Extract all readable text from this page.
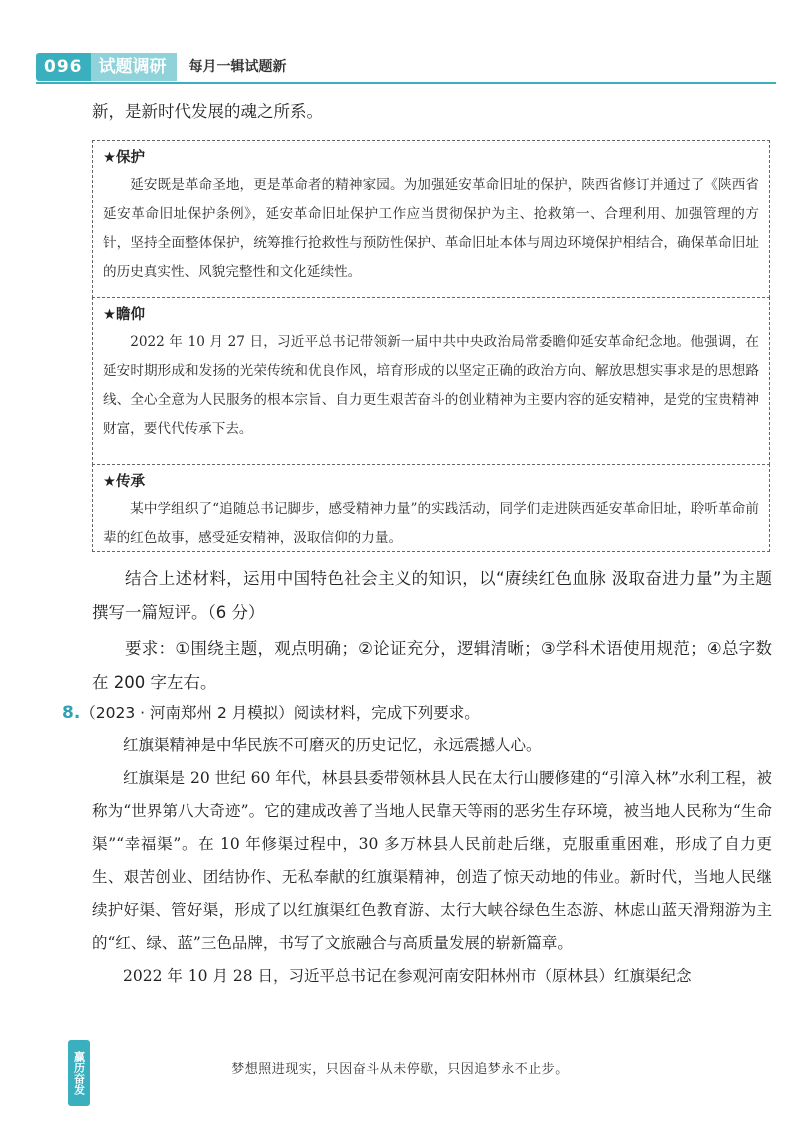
096 试题调研	每月一辑试题新
新，是新时代发展的魂之所系。
★保护
延安既是革命圣地，更是革命者的精神家园。为加强延安革命旧址的保护，陕西省修订并通过了《陕西省延安革命旧址保护条例》，延安革命旧址保护工作应当贯彻保护为主、抢救第一、合理利用、加强管理的方针，坚持全面整体保护，统筹推行抢救性与预防性保护、革命旧址本体与周边环境保护相结合，确保革命旧址的历史真实性、风貌完整性和文化延续性。
★瞻仰
2022 年 10 月 27 日，习近平总书记带领新一届中共中央政治局常委瞻仰延安革命纪念地。他强调，在延安时期形成和发扬的光荣传统和优良作风，培育形成的以坚定正确的政治方向、解放思想实事求是的思想路线、全心全意为人民服务的根本宗旨、自力更生艰苦奋斗的创业精神为主要内容的延安精神，是党的宝贵精神财富，要代代传承下去。
★传承
某中学组织了“追随总书记脚步，感受精神力量”的实践活动，同学们走进陕西延安革命旧址，聆听革命前辈的红色故事，感受延安精神，汲取信仰的力量。
结合上述材料，运用中国特色社会主义的知识，以“赓续红色血脉 汲取奋进力量”为主题撰写一篇短评。（6 分）
要求：①围绕主题，观点明确；②论证充分，逻辑清晰；③学科术语使用规范；④总字数在 200 字左右。
8.（2023 · 河南郑州 2 月模拟）阅读材料，完成下列要求。
红旗渠精神是中华民族不可磨灭的历史记忆，永远震撼人心。
红旗渠是 20 世纪 60 年代，林县县委带领林县人民在太行山腰修建的“引漳入林”水利工程，被称为“世界第八大奇迹”。它的建成改善了当地人民靠天等雨的恶劣生存环境，被当地人民称为“生命渠”“幸福渠”。在 10 年修渠过程中，30 多万林县人民前赴后继，克服重重困难，形成了自力更生、艰苦创业、团结协作、无私奉献的红旗渠精神，创造了惊天动地的伟业。新时代，当地人民继续护好渠、管好渠，形成了以红旗渠红色教育游、太行大峡谷绿色生态游、林虑山蓝天滑翔游为主的“红、绿、蓝”三色品牌，书写了文旅融合与高质量发展的崭新篇章。
2022 年 10 月 28 日，习近平总书记在参观河南安阳林州市（原林县）红旗渠纪念
赢历奋发	梦想照进现实，只因奋斗从未停歇，只因追梦永不止步。
